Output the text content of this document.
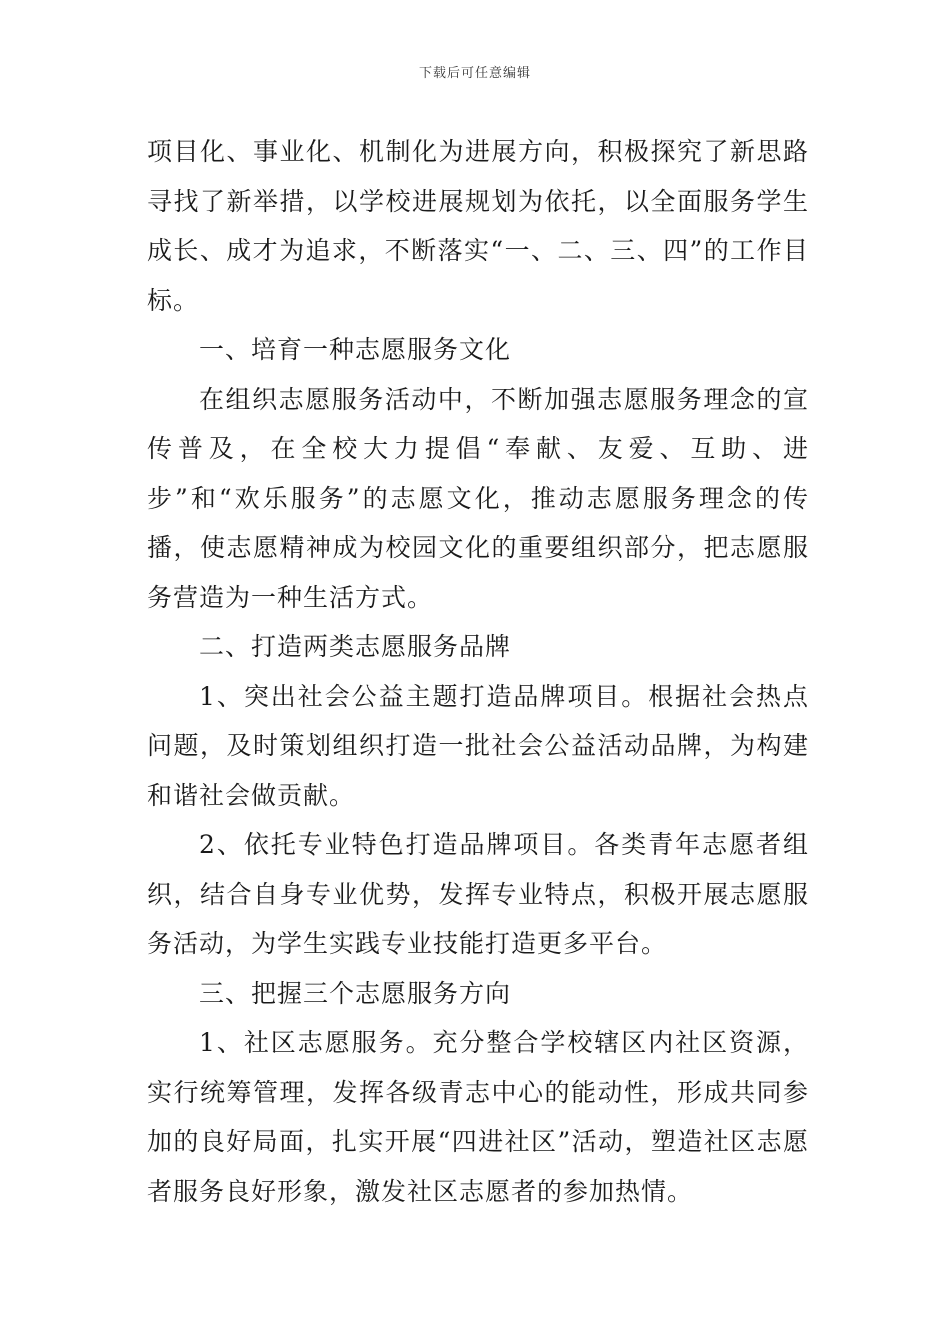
下载后可任意编辑

项目化、事业化、机制化为进展方向，积极探究了新思路寻找了新举措，以学校进展规划为依托，以全面服务学生成长、成才为追求，不断落实“一、二、三、四”的工作目标。

一、培育一种志愿服务文化

在组织志愿服务活动中，不断加强志愿服务理念的宣传普及，在全校大力提倡“奉献、友爱、互助、进步”和“欢乐服务”的志愿文化，推动志愿服务理念的传播，使志愿精神成为校园文化的重要组织部分，把志愿服务营造为一种生活方式。

二、打造两类志愿服务品牌

1、突出社会公益主题打造品牌项目。根据社会热点问题，及时策划组织打造一批社会公益活动品牌，为构建和谐社会做贡献。

2、依托专业特色打造品牌项目。各类青年志愿者组织，结合自身专业优势，发挥专业特点，积极开展志愿服务活动，为学生实践专业技能打造更多平台。

三、把握三个志愿服务方向

1、社区志愿服务。充分整合学校辖区内社区资源，实行统筹管理，发挥各级青志中心的能动性，形成共同参加的良好局面，扎实开展“四进社区”活动，塑造社区志愿者服务良好形象，激发社区志愿者的参加热情。
